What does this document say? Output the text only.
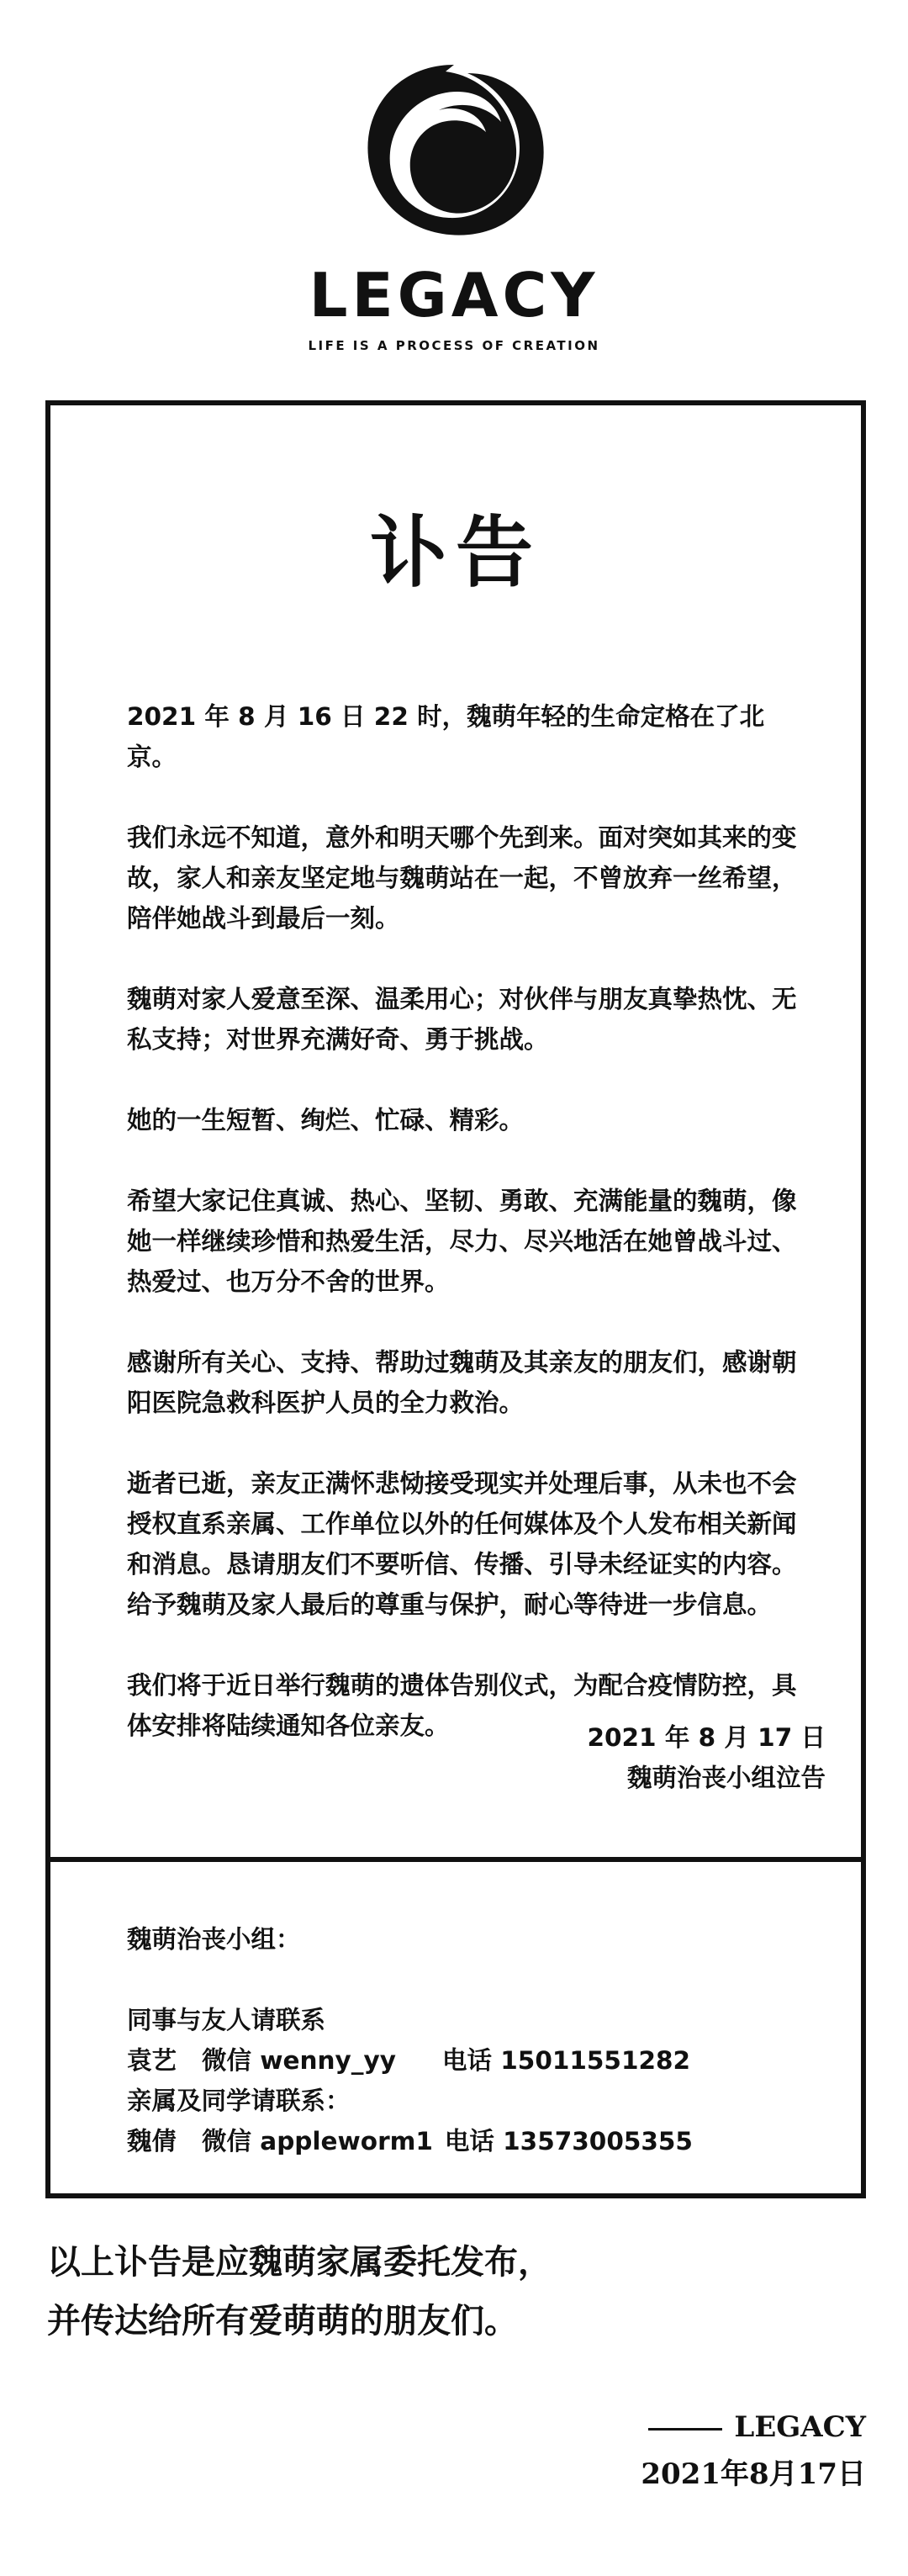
LEGACY
LIFE IS A PROCESS OF CREATION
讣告

2021 年 8 月 16 日 22 时，魏萌年轻的生命定格在了北京。

我们永远不知道，意外和明天哪个先到来。面对突如其来的变故，家人和亲友坚定地与魏萌站在一起，不曾放弃一丝希望，陪伴她战斗到最后一刻。

魏萌对家人爱意至深、温柔用心；对伙伴与朋友真挚热忱、无私支持；对世界充满好奇、勇于挑战。

她的一生短暂、绚烂、忙碌、精彩。

希望大家记住真诚、热心、坚韧、勇敢、充满能量的魏萌，像她一样继续珍惜和热爱生活，尽力、尽兴地活在她曾战斗过、热爱过、也万分不舍的世界。

感谢所有关心、支持、帮助过魏萌及其亲友的朋友们，感谢朝阳医院急救科医护人员的全力救治。

逝者已逝，亲友正满怀悲恸接受现实并处理后事，从未也不会授权直系亲属、工作单位以外的任何媒体及个人发布相关新闻和消息。恳请朋友们不要听信、传播、引导未经证实的内容。给予魏萌及家人最后的尊重与保护，耐心等待进一步信息。

我们将于近日举行魏萌的遗体告别仪式，为配合疫情防控，具体安排将陆续通知各位亲友。	2021 年 8 月 17 日
魏萌治丧小组泣告
魏萌治丧小组：
同事与友人请联系
袁艺 微信 wenny_yy 电话 15011551282
亲属及同学请联系：
魏倩 微信 appleworm1 电话 13573005355
以上讣告是应魏萌家属委托发布，
并传达给所有爱萌萌的朋友们。
LEGACY
2021年8月17日
